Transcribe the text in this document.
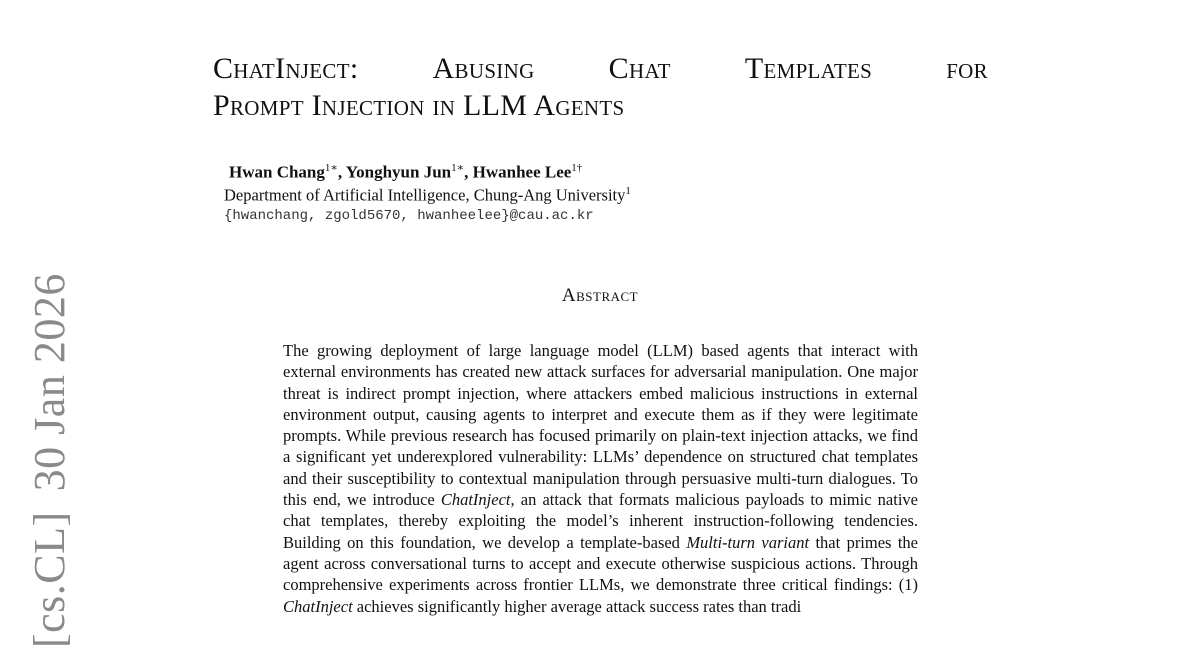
ChatInject: Abusing Chat Templates for
Prompt Injection in LLM Agents
Hwan Chang$^{1∗}$, Yonghyun Jun$^{1∗}$, Hwanhee Lee$^{1\dagger}$
Department of Artificial Intelligence, Chung-Ang University$^1$
{hwanchang, zgold5670, hwanheelee}@cau.ac.kr
Abstract

The growing deployment of large language model (LLM) based agents that interact with external environments has created new attack surfaces for adversarial manipulation. One major threat is indirect prompt injection, where attackers embed malicious instructions in external environment output, causing agents to interpret and execute them as if they were legitimate prompts. While previous research has focused primarily on plain-text injection attacks, we find a significant yet underexplored vulnerability: LLMs’ dependence on structured chat templates and their susceptibility to contextual manipulation through persuasive multi-turn dialogues. To this end, we introduce ChatInject, an attack that formats malicious payloads to mimic native chat templates, thereby exploiting the model’s inherent instruction-following tendencies. Building on this foundation, we develop a template-based Multi-turn variant that primes the agent across conversational turns to accept and execute otherwise suspicious actions. Through comprehensive experiments across frontier LLMs, we demonstrate three critical findings: (1) ChatInject achieves significantly higher average attack success rates than tradi

[cs.CL]30 Jan 2026
